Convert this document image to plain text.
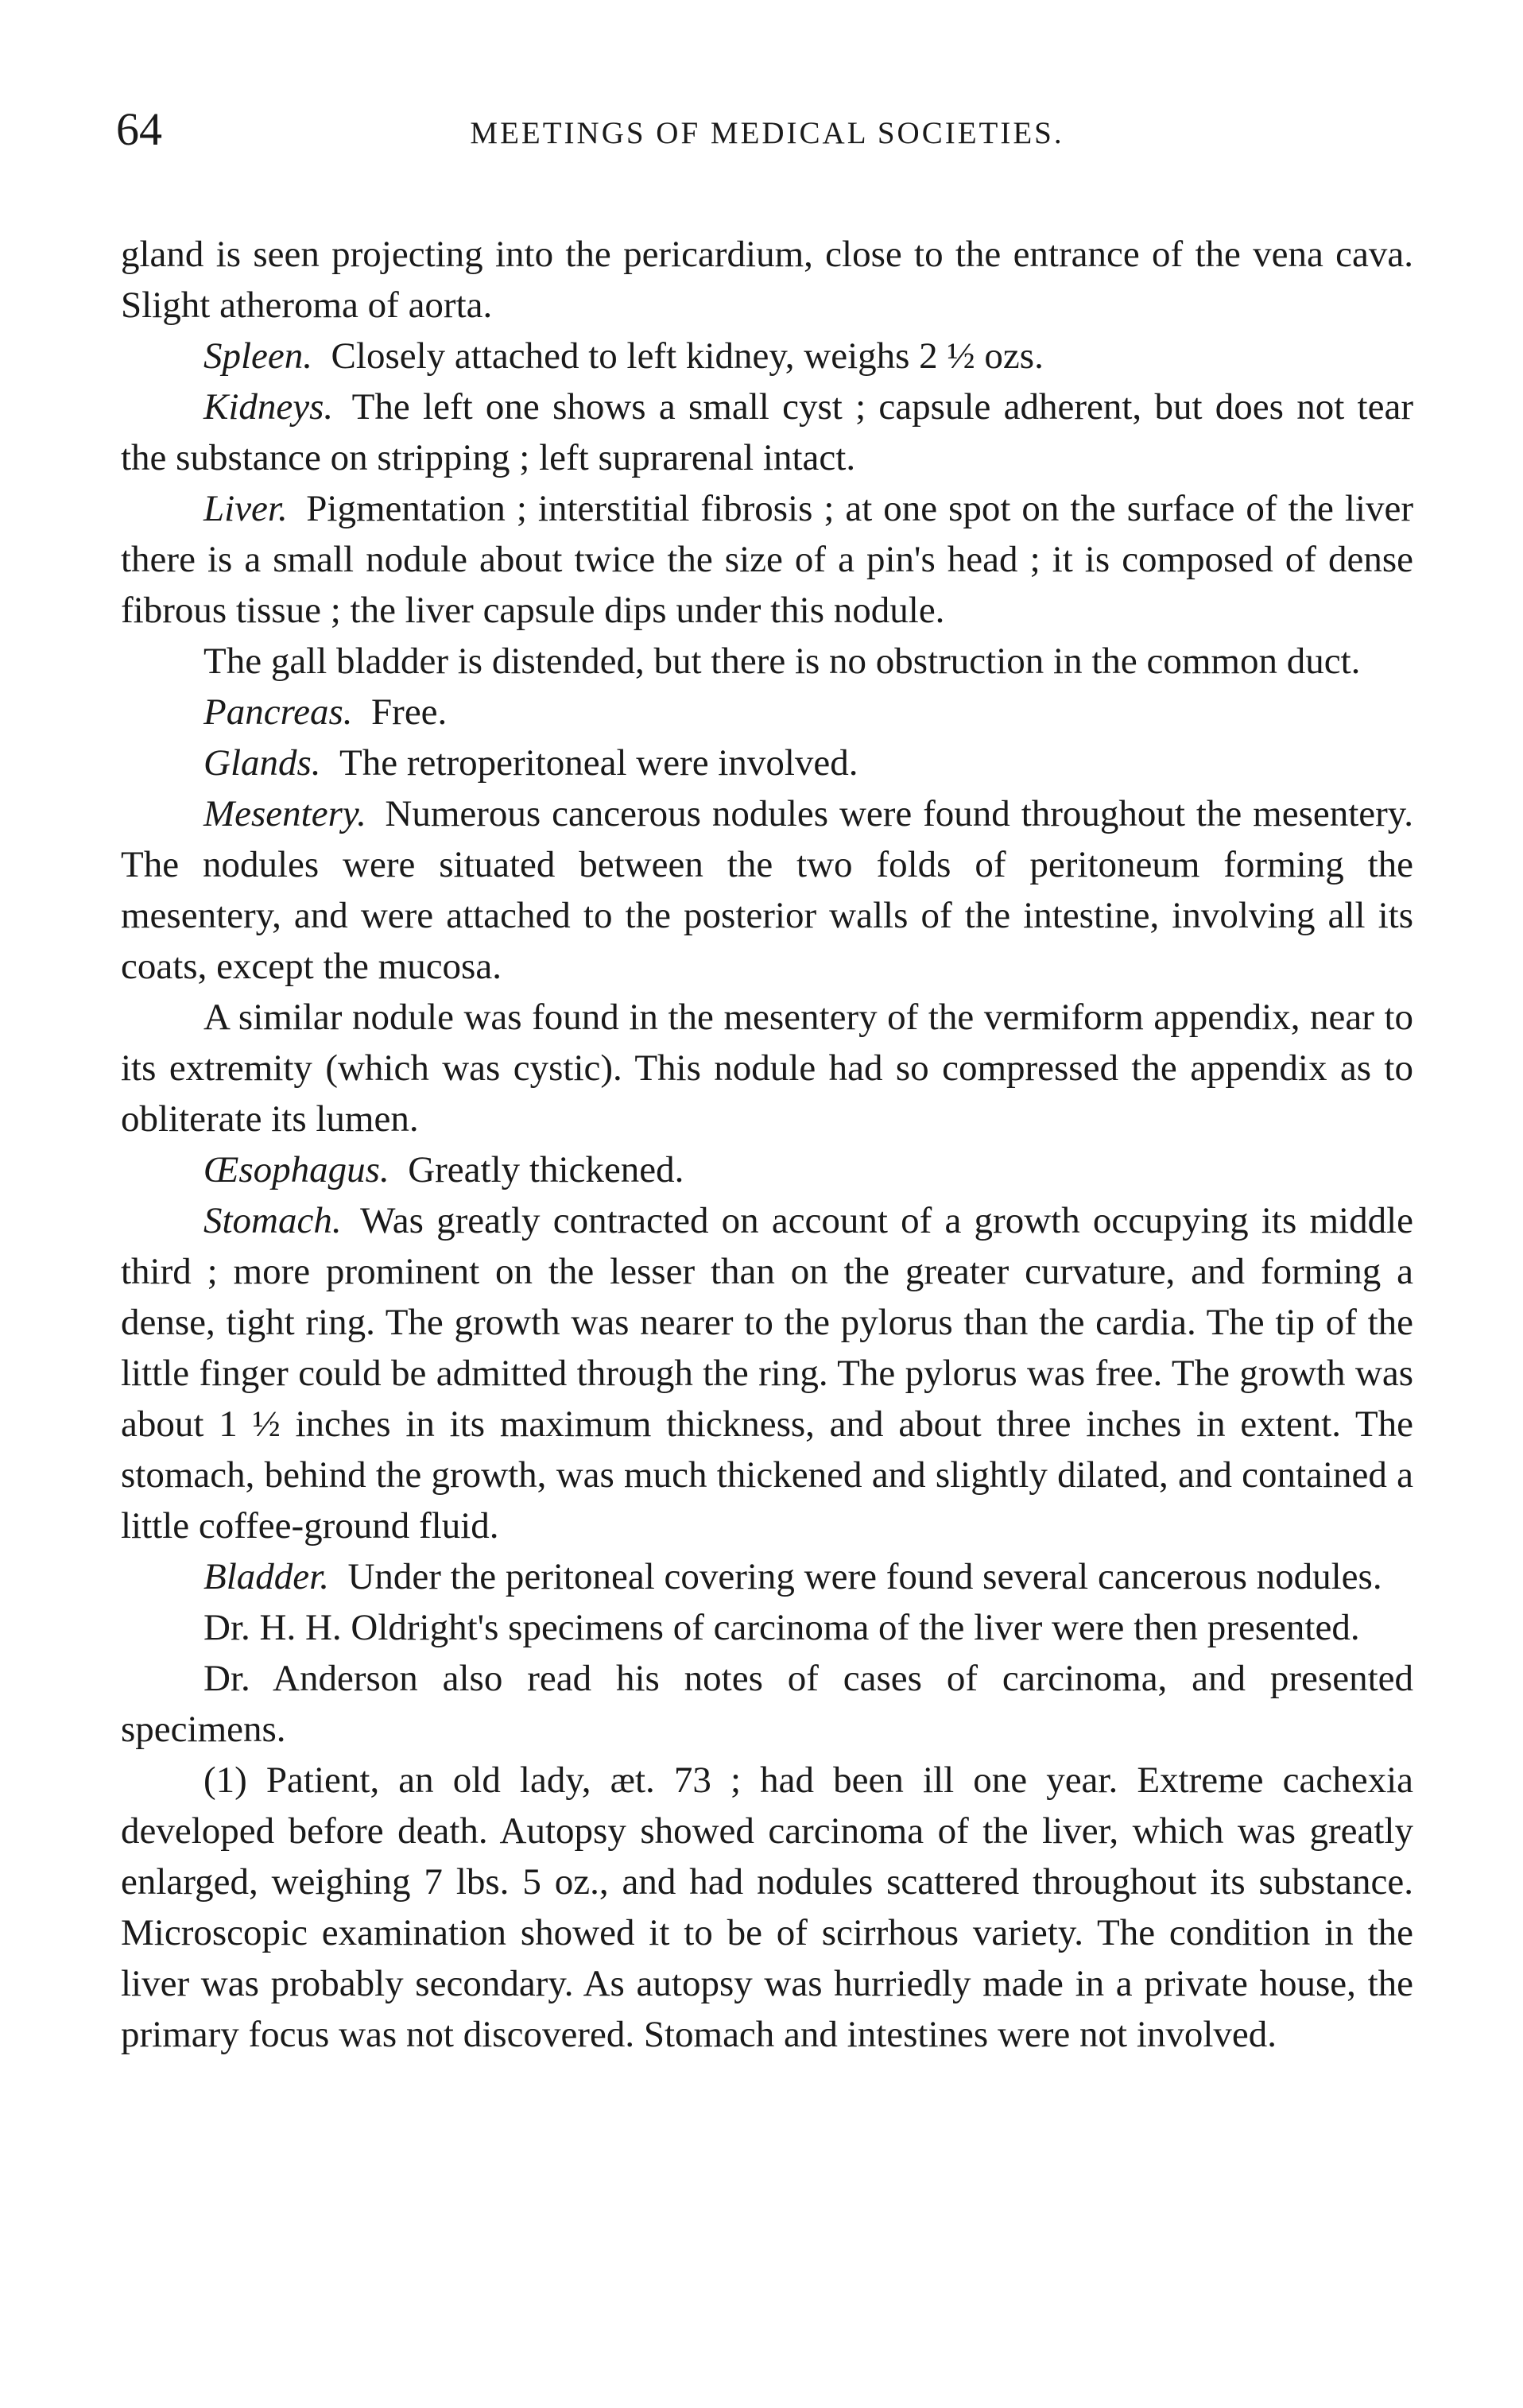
64	MEETINGS OF MEDICAL SOCIETIES.

gland is seen projecting into the pericardium, close to the entrance of the vena cava. Slight atheroma of aorta.

Spleen.  Closely attached to left kidney, weighs 2 ½ ozs.

Kidneys.  The left one shows a small cyst ; capsule adherent, but does not tear the substance on stripping ; left suprarenal intact.

Liver.  Pigmentation ; interstitial fibrosis ; at one spot on the surface of the liver there is a small nodule about twice the size of a pin's head ; it is composed of dense fibrous tissue ; the liver capsule dips under this nodule.

The gall bladder is distended, but there is no obstruction in the common duct.

Pancreas.  Free.

Glands.  The retroperitoneal were involved.

Mesentery.  Numerous cancerous nodules were found throughout the mesentery. The nodules were situated between the two folds of peritoneum forming the mesentery, and were attached to the posterior walls of the intestine, involving all its coats, except the mucosa.

A similar nodule was found in the mesentery of the vermiform appendix, near to its extremity (which was cystic). This nodule had so compressed the appendix as to obliterate its lumen.

Œsophagus.  Greatly thickened.

Stomach.  Was greatly contracted on account of a growth occupying its middle third ; more prominent on the lesser than on the greater curvature, and forming a dense, tight ring. The growth was nearer to the pylorus than the cardia. The tip of the little finger could be admitted through the ring. The pylorus was free. The growth was about 1 ½ inches in its maximum thickness, and about three inches in extent. The stomach, behind the growth, was much thickened and slightly dilated, and contained a little coffee-ground fluid.

Bladder.  Under the peritoneal covering were found several cancerous nodules.

Dr. H. H. Oldright's specimens of carcinoma of the liver were then presented.

Dr. Anderson also read his notes of cases of carcinoma, and presented specimens.

(1) Patient, an old lady, æt. 73 ; had been ill one year. Extreme cachexia developed before death. Autopsy showed carcinoma of the liver, which was greatly enlarged, weighing 7 lbs. 5 oz., and had nodules scattered throughout its substance. Microscopic examination showed it to be of scirrhous variety. The condition in the liver was probably secondary. As autopsy was hurriedly made in a private house, the primary focus was not discovered. Stomach and intestines were not involved.
